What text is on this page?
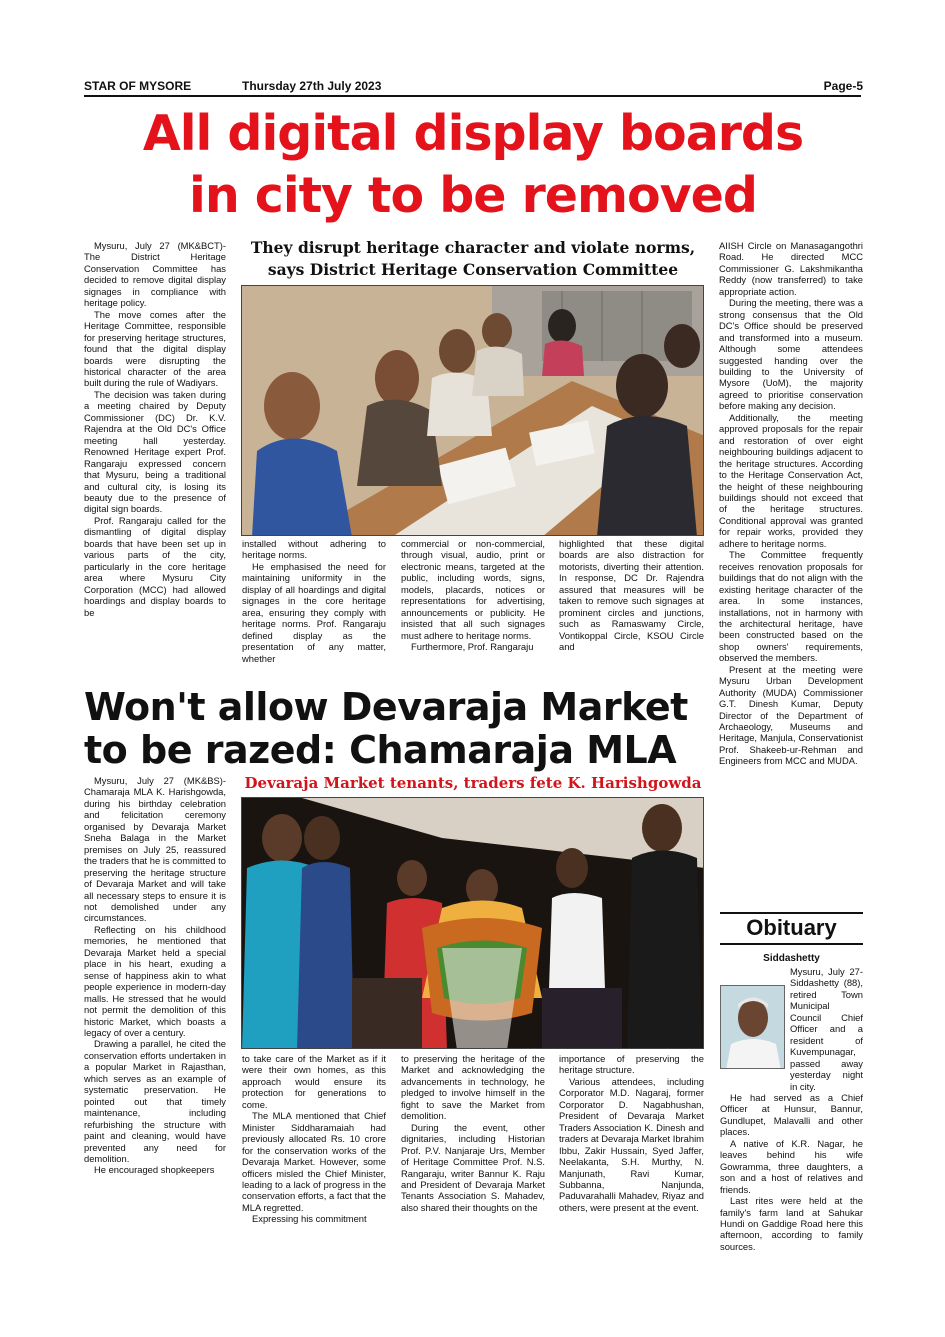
STAR OF MYSORE	Thursday 27th July 2023	Page-5
All digital display boards
in city to be removed

Mysuru, July 27 (MK&BCT)- The District Heritage Conservation Committee has decided to remove digital display signages in compliance with heritage policy.

The move comes after the Heritage Committee, responsible for preserving heritage structures, found that the digital display boards were disrupting the historical character of the area built during the rule of Wadiyars.

The decision was taken during a meeting chaired by Deputy Commissioner (DC) Dr. K.V. Rajendra at the Old DC's Office meeting hall yesterday. Renowned Heritage expert Prof. Rangaraju expressed concern that Mysuru, being a traditional and cultural city, is losing its beauty due to the presence of digital sign boards.

Prof. Rangaraju called for the dismantling of digital display boards that have been set up in various parts of the city, particularly in the core heritage area where Mysuru City Corporation (MCC) had allowed hoardings and display boards to be

They disrupt heritage character and violate norms,
says District Heritage Conservation Committee

installed without adhering to heritage norms.

He emphasised the need for maintaining uniformity in the display of all hoardings and digital signages in the core heritage area, ensuring they comply with heritage norms. Prof. Rangaraju defined display as the presentation of any matter, whether

commercial or non-commercial, through visual, audio, print or electronic means, targeted at the public, including words, signs, models, placards, notices or representations for advertising, announcements or publicity. He insisted that all such signages must adhere to heritage norms.

Furthermore, Prof. Rangaraju

highlighted that these digital boards are also distraction for motorists, diverting their attention. In response, DC Dr. Rajendra assured that measures will be taken to remove such signages at prominent circles and junctions, such as Ramaswamy Circle, Vontikoppal Circle, KSOU Circle and

AIISH Circle on Manasagangothri Road. He directed MCC Commissioner G. Lakshmikantha Reddy (now transferred) to take appropriate action.

During the meeting, there was a strong consensus that the Old DC's Office should be preserved and transformed into a museum. Although some attendees suggested handing over the building to the University of Mysore (UoM), the majority agreed to prioritise conservation before making any decision.

Additionally, the meeting approved proposals for the repair and restoration of over eight neighbouring buildings adjacent to the heritage structures. According to the Heritage Conservation Act, the height of these neighbouring buildings should not exceed that of the heritage structures. Conditional approval was granted for repair works, provided they adhere to heritage norms.

The Committee frequently receives renovation proposals for buildings that do not align with the existing heritage character of the area. In some instances, installations, not in harmony with the architectural heritage, have been constructed based on the shop owners' requirements, observed the members.

Present at the meeting were Mysuru Urban Development Authority (MUDA) Commissioner G.T. Dinesh Kumar, Deputy Director of the Department of Archaeology, Museums and Heritage, Manjula, Conservationist Prof. Shakeeb-ur-Rehman and Engineers from MCC and MUDA.

Won't allow Devaraja Market
to be razed: Chamaraja MLA

Mysuru, July 27 (MK&BS)- Chamaraja MLA K. Harishgowda, during his birthday celebration and felicitation ceremony organised by Devaraja Market Sneha Balaga in the Market premises on July 25, reassured the traders that he is committed to preserving the heritage structure of Devaraja Market and will take all necessary steps to ensure it is not demolished under any circumstances.

Reflecting on his childhood memories, he mentioned that Devaraja Market held a special place in his heart, exuding a sense of happiness akin to what people experience in modern-day malls. He stressed that he would not permit the demolition of this historic Market, which boasts a legacy of over a century.

Drawing a parallel, he cited the conservation efforts undertaken in a popular Market in Rajasthan, which serves as an example of systematic preservation. He pointed out that timely maintenance, including refurbishing the structure with paint and cleaning, would have prevented any need for demolition.

He encouraged shopkeepers

Devaraja Market tenants, traders fete K. Harishgowda

to take care of the Market as if it were their own homes, as this approach would ensure its protection for generations to come.

The MLA mentioned that Chief Minister Siddharamaiah had previously allocated Rs. 10 crore for the conservation works of the Devaraja Market. However, some officers misled the Chief Minister, leading to a lack of progress in the conservation efforts, a fact that the MLA regretted.

Expressing his commitment

to preserving the heritage of the Market and acknowledging the advancements in technology, he pledged to involve himself in the fight to save the Market from demolition.

During the event, other dignitaries, including Historian Prof. P.V. Nanjaraje Urs, Member of Heritage Committee Prof. N.S. Rangaraju, writer Bannur K. Raju and President of Devaraja Market Tenants Association S. Mahadev, also shared their thoughts on the

importance of preserving the heritage structure.

Various attendees, including Corporator M.D. Nagaraj, former Corporator D. Nagabhushan, President of Devaraja Market Traders Association K. Dinesh and traders at Devaraja Market Ibrahim Ibbu, Zakir Hussain, Syed Jaffer, Neelakanta, S.H. Murthy, N. Manjunath, Ravi Kumar, Subbanna, Nanjunda, Paduvarahalli Mahadev, Riyaz and others, were present at the event.

Obituary
Siddashetty

Mysuru, July 27- Siddashetty (88), retired Town Municipal Council Chief Officer and a resident of Kuvempunagar, passed away yesterday night in city.

He had served as a Chief Officer at Hunsur, Bannur, Gundlupet, Malavalli and other places.

A native of K.R. Nagar, he leaves behind his wife Gowramma, three daughters, a son and a host of relatives and friends.

Last rites were held at the family's farm land at Sahukar Hundi on Gaddige Road here this afternoon, according to family sources.
